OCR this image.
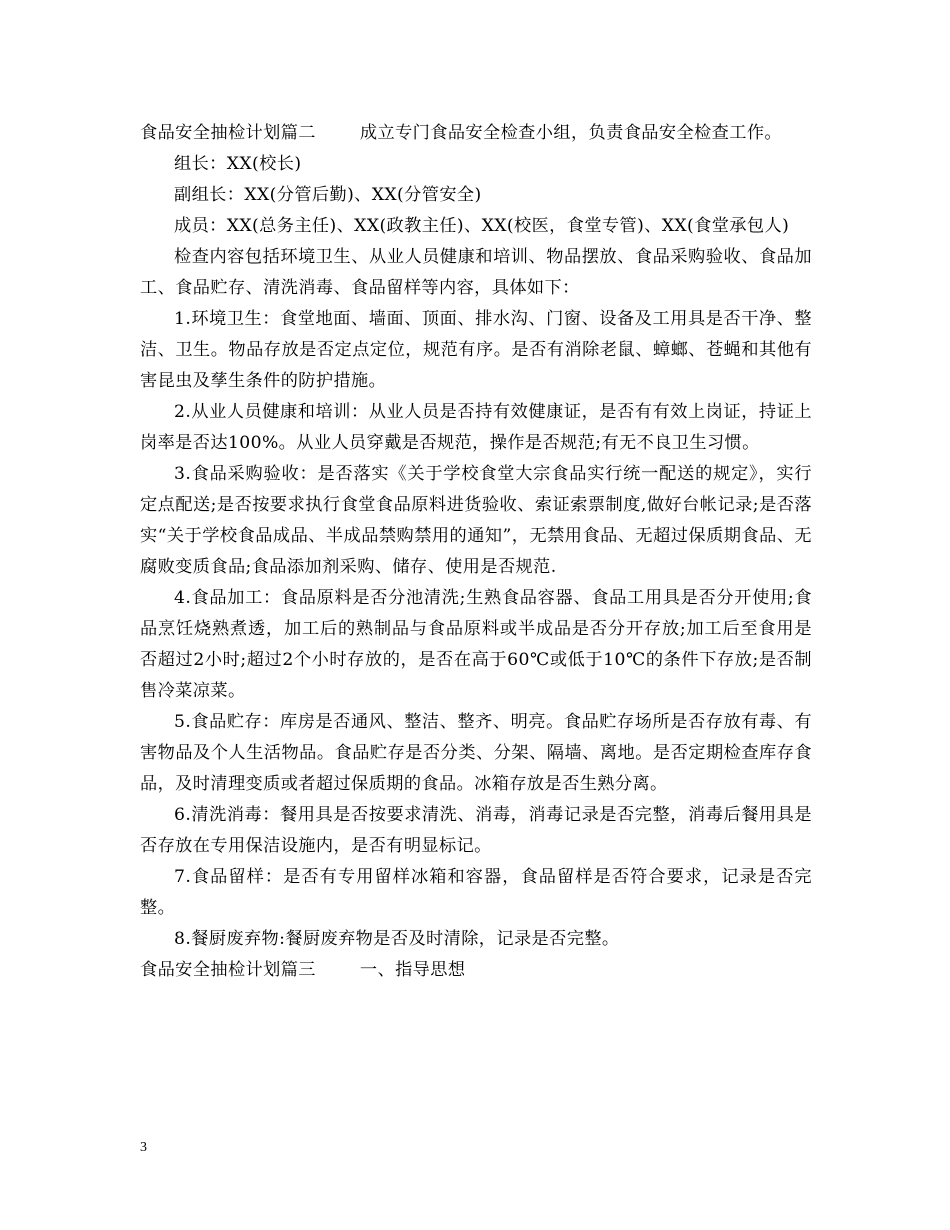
食品安全抽检计划篇二	成立专门食品安全检查小组，负责食品安全检查工作。

组长：XX(校长)

副组长：XX(分管后勤)、XX(分管安全)

成员：XX(总务主任)、XX(政教主任)、XX(校医，食堂专管)、XX(食堂承包人)

检查内容包括环境卫生、从业人员健康和培训、物品摆放、食品采购验收、食品加工、食品贮存、清洗消毒、食品留样等内容，具体如下：

1.环境卫生：食堂地面、墙面、顶面、排水沟、门窗、设备及工用具是否干净、整洁、卫生。物品存放是否定点定位，规范有序。是否有消除老鼠、蟑螂、苍蝇和其他有害昆虫及孳生条件的防护措施。

2.从业人员健康和培训：从业人员是否持有效健康证，是否有有效上岗证，持证上岗率是否达100%。从业人员穿戴是否规范，操作是否规范;有无不良卫生习惯。

3.食品采购验收：是否落实《关于学校食堂大宗食品实行统一配送的规定》，实行定点配送;是否按要求执行食堂食品原料进货验收、索证索票制度,做好台帐记录;是否落实“关于学校食品成品、半成品禁购禁用的通知”，无禁用食品、无超过保质期食品、无腐败变质食品;食品添加剂采购、储存、使用是否规范.

4.食品加工：食品原料是否分池清洗;生熟食品容器、食品工用具是否分开使用;食品烹饪烧熟煮透，加工后的熟制品与食品原料或半成品是否分开存放;加工后至食用是否超过2小时;超过2个小时存放的，是否在高于60℃或低于10℃的条件下存放;是否制售冷菜凉菜。

5.食品贮存：库房是否通风、整洁、整齐、明亮。食品贮存场所是否存放有毒、有害物品及个人生活物品。食品贮存是否分类、分架、隔墙、离地。是否定期检查库存食品，及时清理变质或者超过保质期的食品。冰箱存放是否生熟分离。

6.清洗消毒：餐用具是否按要求清洗、消毒，消毒记录是否完整，消毒后餐用具是否存放在专用保洁设施内，是否有明显标记。

7.食品留样：是否有专用留样冰箱和容器，食品留样是否符合要求，记录是否完整。

8.餐厨废弃物:餐厨废弃物是否及时清除，记录是否完整。

食品安全抽检计划篇三	一、指导思想

3
